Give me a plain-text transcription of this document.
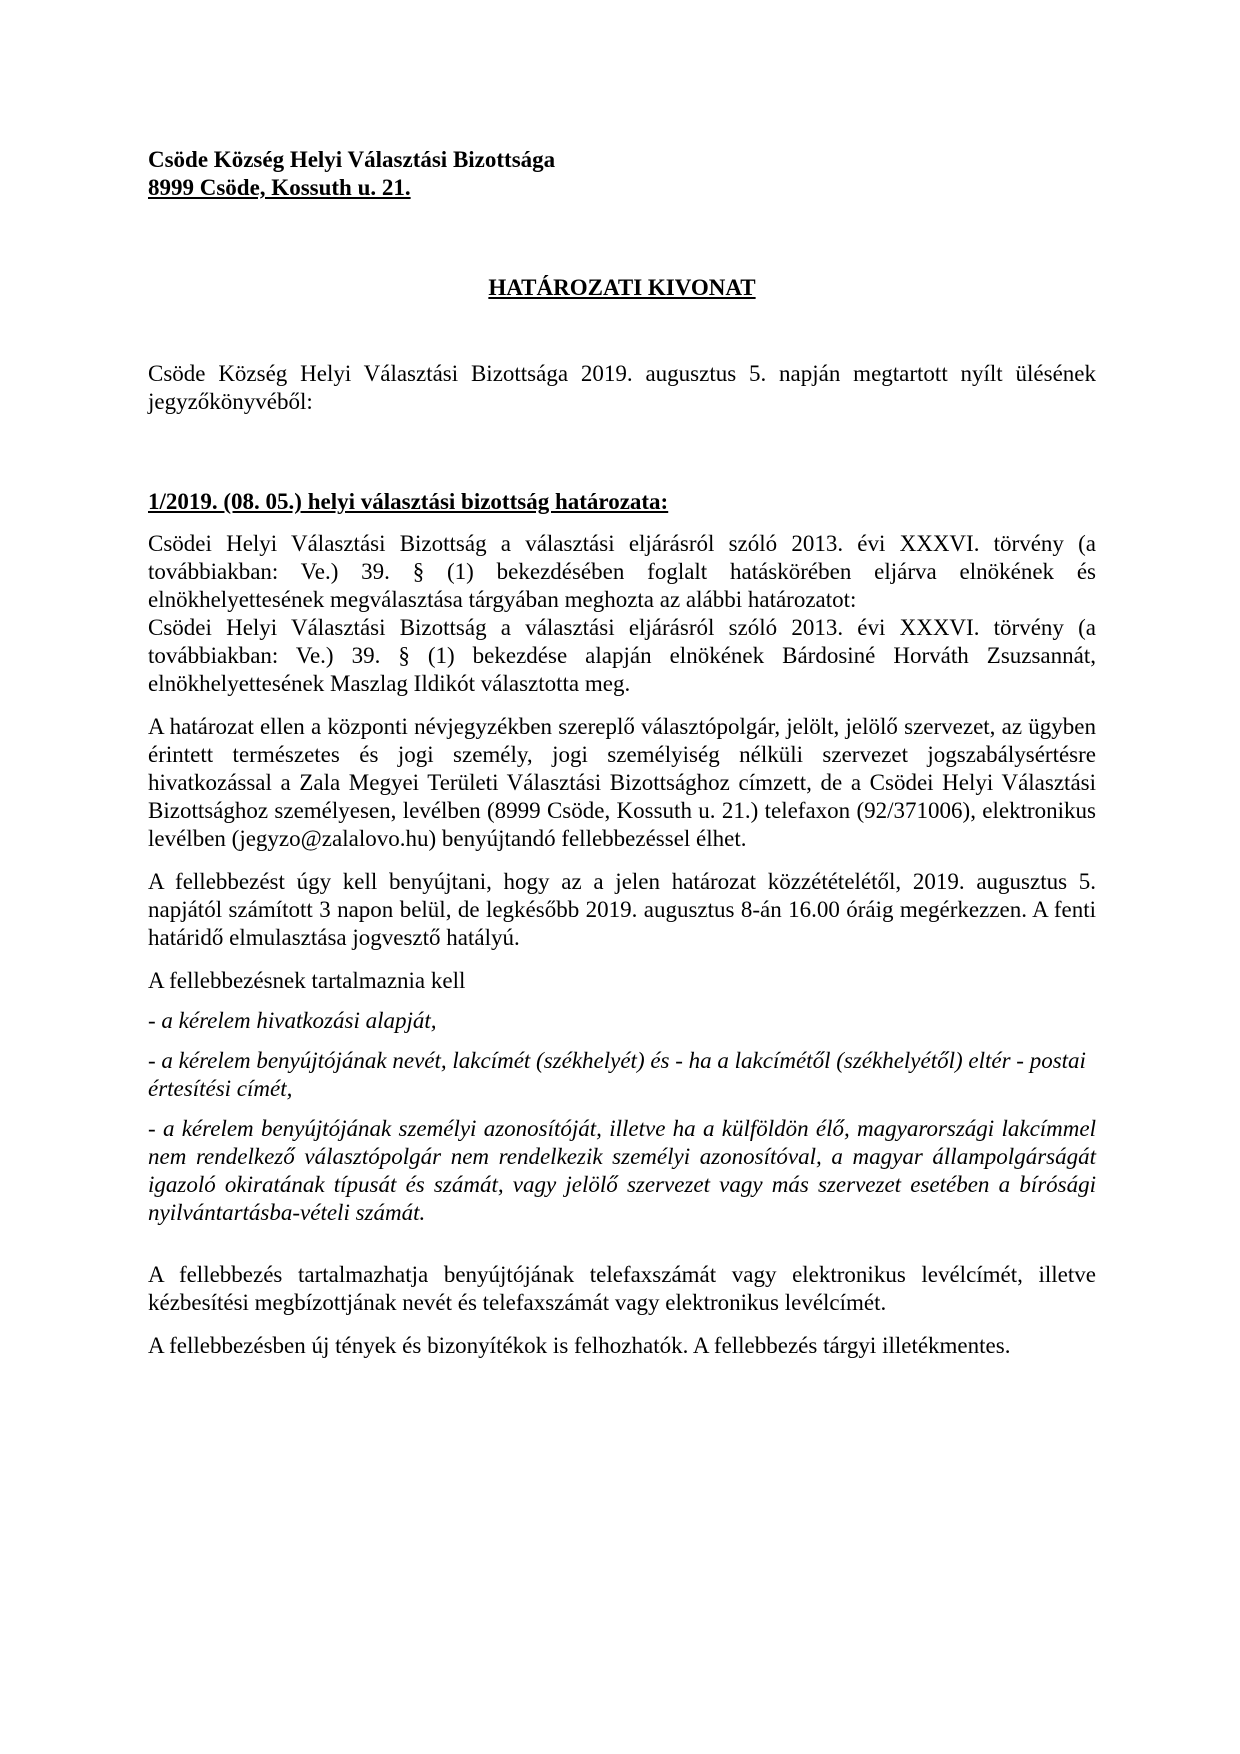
Csöde Község Helyi Választási Bizottsága

8999 Csöde, Kossuth u. 21.

HATÁROZATI KIVONAT

Csöde Község Helyi Választási Bizottsága 2019. augusztus 5. napján megtartott nyílt ülésének jegyzőkönyvéből:

1/2019. (08. 05.) helyi választási bizottság határozata:

Csödei Helyi Választási Bizottság a választási eljárásról szóló 2013. évi XXXVI. törvény (a továbbiakban: Ve.) 39. § (1) bekezdésében foglalt hatáskörében eljárva elnökének és elnökhelyettesének megválasztása tárgyában meghozta az alábbi határozatot:

Csödei Helyi Választási Bizottság a választási eljárásról szóló 2013. évi XXXVI. törvény (a továbbiakban: Ve.) 39. § (1) bekezdése alapján elnökének Bárdosiné Horváth Zsuzsannát, elnökhelyettesének Maszlag Ildikót választotta meg.

A határozat ellen a központi névjegyzékben szereplő választópolgár, jelölt, jelölő szervezet, az ügyben érintett természetes és jogi személy, jogi személyiség nélküli szervezet jogszabálysértésre hivatkozással a Zala Megyei Területi Választási Bizottsághoz címzett, de a Csödei Helyi Választási Bizottsághoz személyesen, levélben (8999 Csöde, Kossuth u. 21.) telefaxon (92/371006), elektronikus levélben (jegyzo@zalalovo.hu) benyújtandó fellebbezéssel élhet.

A fellebbezést úgy kell benyújtani, hogy az a jelen határozat közzétételétől, 2019. augusztus 5. napjától számított 3 napon belül, de legkésőbb 2019. augusztus 8-án 16.00 óráig megérkezzen. A fenti határidő elmulasztása jogvesztő hatályú.

A fellebbezésnek tartalmaznia kell

- a kérelem hivatkozási alapját,

- a kérelem benyújtójának nevét, lakcímét (székhelyét) és - ha a lakcímétől (székhelyétől) eltér - postai értesítési címét,

- a kérelem benyújtójának személyi azonosítóját, illetve ha a külföldön élő, magyarországi lakcímmel nem rendelkező választópolgár nem rendelkezik személyi azonosítóval, a magyar állampolgárságát igazoló okiratának típusát és számát, vagy jelölő szervezet vagy más szervezet esetében a bírósági nyilvántartásba-vételi számát.

A fellebbezés tartalmazhatja benyújtójának telefaxszámát vagy elektronikus levélcímét, illetve kézbesítési megbízottjának nevét és telefaxszámát vagy elektronikus levélcímét.

A fellebbezésben új tények és bizonyítékok is felhozhatók. A fellebbezés tárgyi illetékmentes.
